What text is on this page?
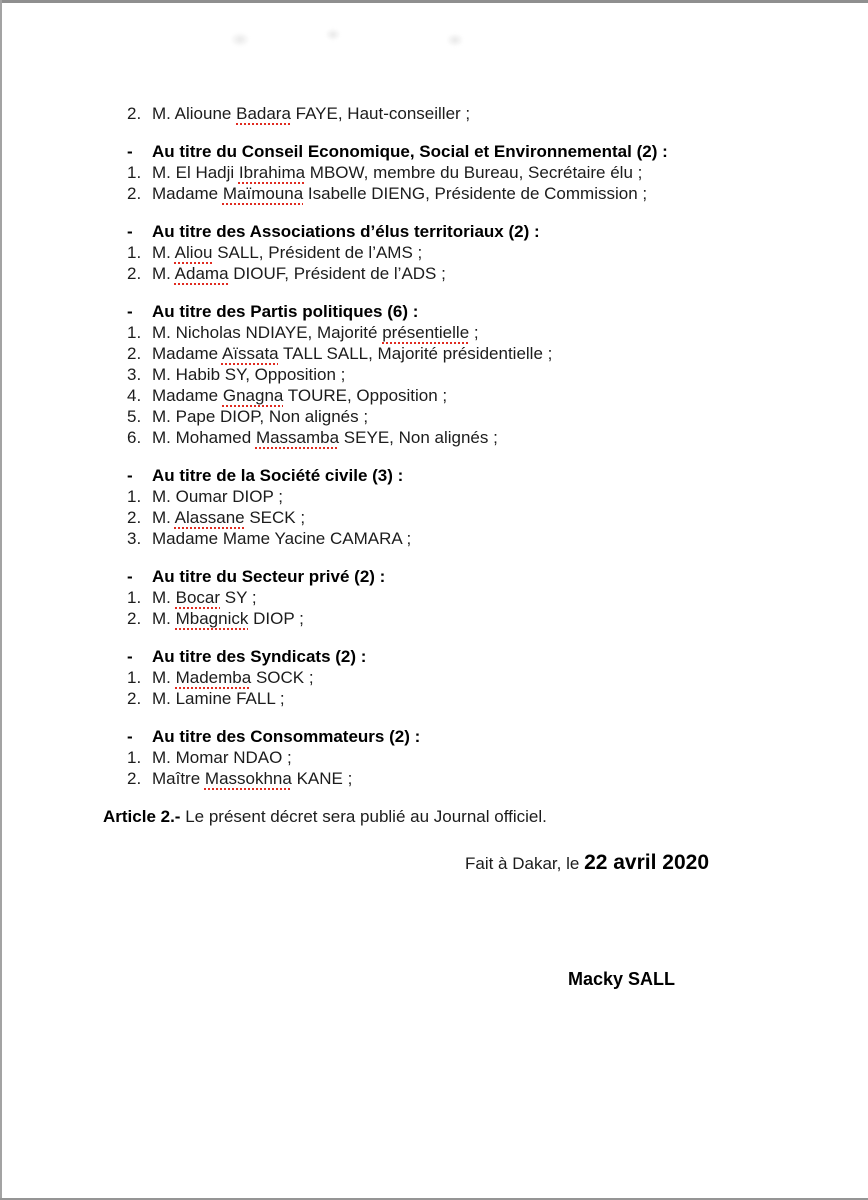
2. M. Alioune Badara FAYE, Haut-conseiller ;
-	Au titre du Conseil Economique, Social et Environnemental (2) :
1. M. El Hadji Ibrahima MBOW, membre du Bureau, Secrétaire élu ;
2. Madame Maïmouna Isabelle DIENG, Présidente de Commission ;
-	Au titre des Associations d’élus territoriaux (2) :
1. M. Aliou SALL, Président de l’AMS ;
2. M. Adama DIOUF, Président de l’ADS ;
-	Au titre des Partis politiques (6) :
1. M. Nicholas NDIAYE, Majorité présentielle ;
2. Madame Aïssata TALL SALL, Majorité présidentielle ;
3. M. Habib SY, Opposition ;
4. Madame Gnagna TOURE, Opposition ;
5. M. Pape DIOP, Non alignés ;
6. M. Mohamed Massamba SEYE, Non alignés ;
-	Au titre de la Société civile (3) :
1. M. Oumar DIOP ;
2. M. Alassane SECK ;
3. Madame Mame Yacine CAMARA ;
-	Au titre du Secteur privé (2) :
1. M. Bocar SY ;
2. M. Mbagnick DIOP ;
-	Au titre des Syndicats (2) :
1. M. Mademba SOCK ;
2. M. Lamine FALL ;
-	Au titre des Consommateurs (2) :
1. M. Momar NDAO ;
2. Maître Massokhna KANE ;

Article 2.- Le présent décret sera publié au Journal officiel.

Fait à Dakar, le 22 avril 2020
Macky SALL
